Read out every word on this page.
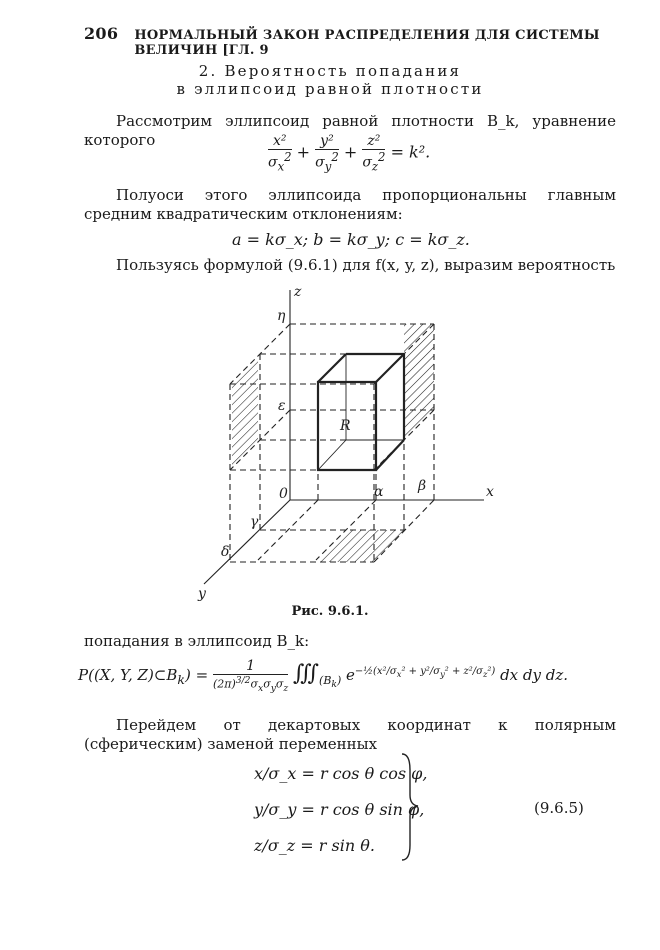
206 НОРМАЛЬНЫЙ ЗАКОН РАСПРЕДЕЛЕНИЯ ДЛЯ СИСТЕМЫ ВЕЛИЧИН [ГЛ. 9
2. Вероятность попадания
в эллипсоид равной плотности
Рассмотрим эллипсоид равной плотности B_k, уравнение которого	$\frac{\text{x²}}{\sigma_x^2} + \frac{\text{y²}}{\sigma_y^2} + \frac{\text{z²}}{\sigma_z^2} = k^2$.
Полуоси этого эллипсоида пропорциональны главным средним квадратическим отклонениям:
a = kσ_x; b = kσ_y; c = kσ_z.
Пользуясь формулой (9.6.1) для f(x, y, z), выразим вероятность
z
x
y
η
ε
0
γ
δ
α β
R
Рис. 9.6.1.
попадания в эллипсоид B_k:
P((X, Y, $Z)\subset B_k) = \frac{1}{(2\pi)^{3/2}\sigma_x\sigma_y\sigma_z}$ $∭_{(B_k)}$ $e^{-\frac{1}{2}(x^2/\sigma_x^2 + y^2/\sigma_y^2 + z^2/\sigma_z^2)}$ dx dy dz.
Перейдем от декартовых координат к полярным (сферическим) заменой переменных
x/σ_x = r cos θ cos φ,
y/σ_y = r cos θ sin φ,
z/σ_z = r sin θ.
(9.6.5)
